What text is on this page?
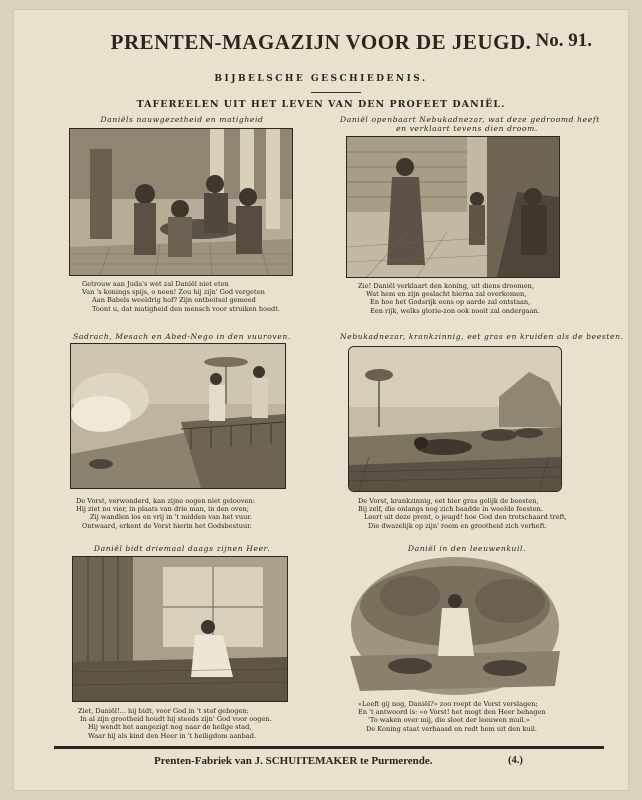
PRENTEN-MAGAZIJN VOOR DE JEUGD. No. 91.
BIJBELSCHE GESCHIEDENIS.
TAFEREELEN UIT HET LEVEN VAN DEN PROFEET DANIËL.
Daniëls nauwgezetheid en matigheid
Getrouw aan Juda's wet zal Daniël niet eten
Van 's konings spijs, o neen! Zou hij zijn' God vergeten
Aan Babels weeldrig hof? Zijn ontbeitsel gemeed
Toont u, dat matigheid den mensch voor struiken hoedt.
Daniël openbaart Nebukadnezar, wat deze gedroomd heeft
en verklaart tevens dien droom.
Zie! Daniël verklaart den koning, uit diens droomen,
Wat hem en zijn geslacht hierna zal overkomen,
En hoe het Godsrijk eens op aarde zal ontstaan,
Een rijk, welks glorie-zon ook nooit zal ondergaan.
Sadrach, Mesach en Abed-Nego in den vuuroven.
De Vorst, verwonderd, kan zijne oogen niet gelooven:
Hij ziet nu vier, in plaats van drie man, in den oven;
Zij wandlen los en vrij in 't midden van het vuur.
Ontwaard, erkent de Vorst hierin het Godsbestuur.
Nebukadnezar, krankzinnig, eet gras en kruiden als de beesten.
De Vorst, krankzinnig, eet hier gras gelijk de beesten,
Bij zelf, die onlangs nog zich baadde in weelde feesten.
Leert uit deze prent, o jeugd! hoe God den trotschaard treft,
Die dwazelijk op zijn' roem en grootheid zich verheft.
Daniël bidt driemaal daags zijnen Heer.
Ziet, Daniël!... hij bidt, voor God in 't stof gebogen;
In al zijn grootheid houdt hij steeds zijn' God voor oogen.
Hij wendt het aangezigt nog naar de heilge stad,
Waar hij als kind den Heer in 't heiligdom aanbad.
Daniël in den leeuwenkuil.
«Leeft gij nog, Daniël?» zoo roept de Vorst verslagen;
En 't antwoord is: «o Vorst! het mogt den Heer behagen
'To waken over mij, die sloot der leeuwen muil.»
De Koning staat verbaasd en redt hem uit den kuil.
Prenten-Fabriek van J. SCHUITEMAKER te Purmerende.	(4.)
